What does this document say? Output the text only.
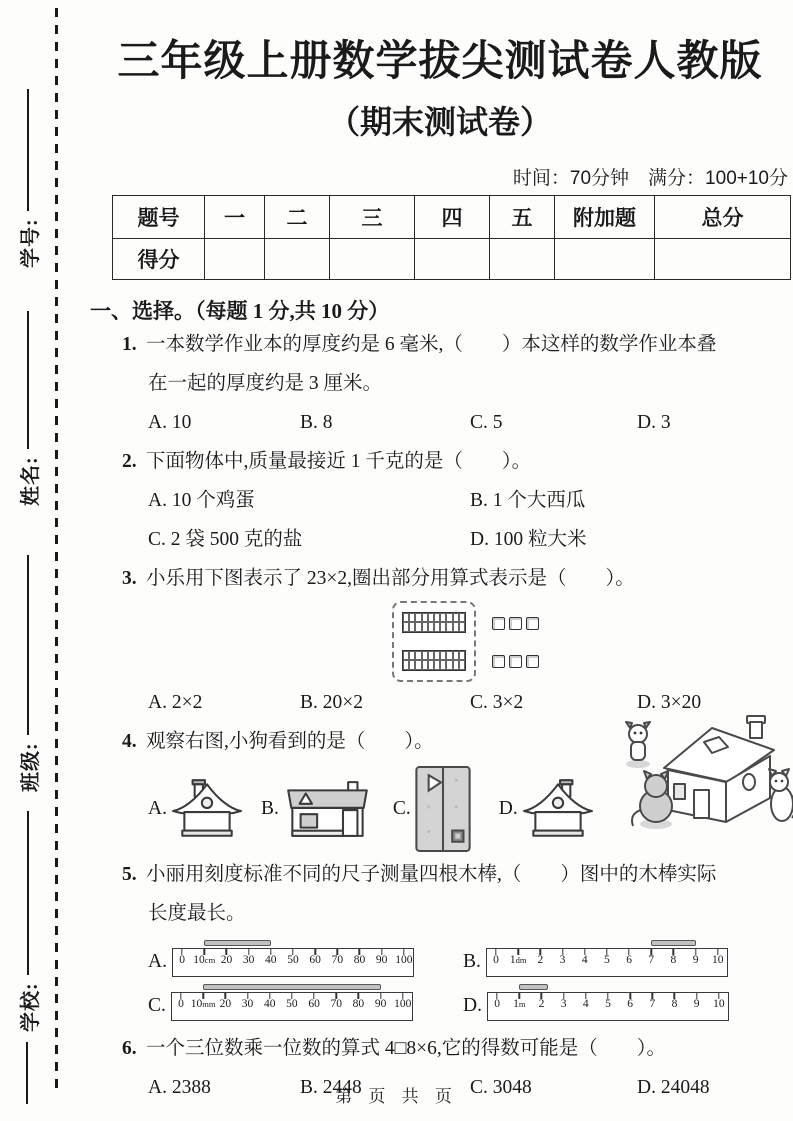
学号:
姓名:
班级:
学校:
三年级上册数学拔尖测试卷人教版
（期末测试卷）
时间：70分钟　满分：100+10分
题号	一	二	三	四	五	附加题	总分
得分							
一、选择。（每题 1 分,共 10 分）
1. 一本数学作业本的厚度约是 6 毫米,（　　）本这样的数学作业本叠
在一起的厚度约是 3 厘米。
A. 10	B. 8	C. 5	D. 3
2. 下面物体中,质量最接近 1 千克的是（　　）。
A. 10 个鸡蛋	B. 1 个大西瓜
C. 2 袋 500 克的盐	D. 100 粒大米
3. 小乐用下图表示了 23×2,圈出部分用算式表示是（　　）。
A. 2×2	B. 20×2	C. 3×2	D. 3×20
4. 观察右图,小狗看到的是（　　）。
A.	B.	C.	D.
5. 小丽用刻度标准不同的尺子测量四根木棒,（　　）图中的木棒实际
长度最长。
A. 0 10cm 20 30 40 50 60 70 80 90 100	B. 0 1dm 2 3 4 5 6 7 8 9 10
C. 0 10mm 20 30 40 50 60 70 80 90 100	D. 0 1m 2 3 4 5 6 7 8 9 10
6. 一个三位数乘一位数的算式 4□8×6,它的得数可能是（　　）。
A. 2388	B. 2448	C. 3048	D. 24048
第 页 共 页
